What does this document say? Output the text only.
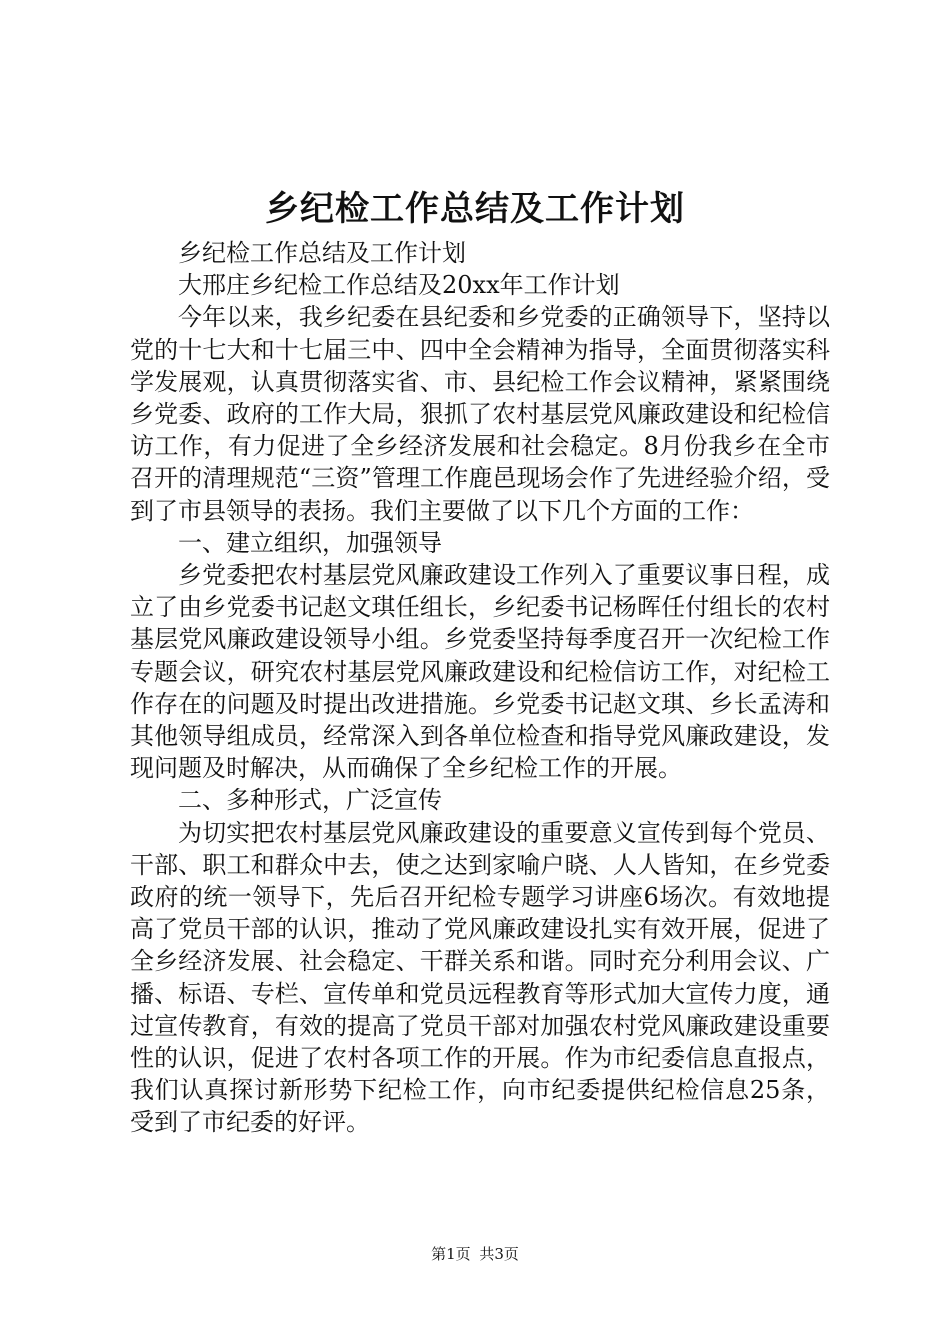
乡纪检工作总结及工作计划

乡纪检工作总结及工作计划

大邢庄乡纪检工作总结及20xx年工作计划

今年以来，我乡纪委在县纪委和乡党委的正确领导下，坚持以党的十七大和十七届三中、四中全会精神为指导，全面贯彻落实科学发展观，认真贯彻落实省、市、县纪检工作会议精神，紧紧围绕乡党委、政府的工作大局，狠抓了农村基层党风廉政建设和纪检信访工作，有力促进了全乡经济发展和社会稳定。8月份我乡在全市召开的清理规范“三资”管理工作鹿邑现场会作了先进经验介绍，受到了市县领导的表扬。我们主要做了以下几个方面的工作：

一、建立组织，加强领导

乡党委把农村基层党风廉政建设工作列入了重要议事日程，成立了由乡党委书记赵文琪任组长，乡纪委书记杨晖任付组长的农村基层党风廉政建设领导小组。乡党委坚持每季度召开一次纪检工作专题会议，研究农村基层党风廉政建设和纪检信访工作，对纪检工作存在的问题及时提出改进措施。乡党委书记赵文琪、乡长孟涛和其他领导组成员，经常深入到各单位检查和指导党风廉政建设，发现问题及时解决，从而确保了全乡纪检工作的开展。

二、多种形式，广泛宣传

为切实把农村基层党风廉政建设的重要意义宣传到每个党员、干部、职工和群众中去，使之达到家喻户晓、人人皆知，在乡党委政府的统一领导下，先后召开纪检专题学习讲座6场次。有效地提高了党员干部的认识，推动了党风廉政建设扎实有效开展，促进了全乡经济发展、社会稳定、干群关系和谐。同时充分利用会议、广播、标语、专栏、宣传单和党员远程教育等形式加大宣传力度，通过宣传教育，有效的提高了党员干部对加强农村党风廉政建设重要性的认识，促进了农村各项工作的开展。作为市纪委信息直报点，我们认真探讨新形势下纪检工作，向市纪委提供纪检信息25条，受到了市纪委的好评。

第1页 共3页
